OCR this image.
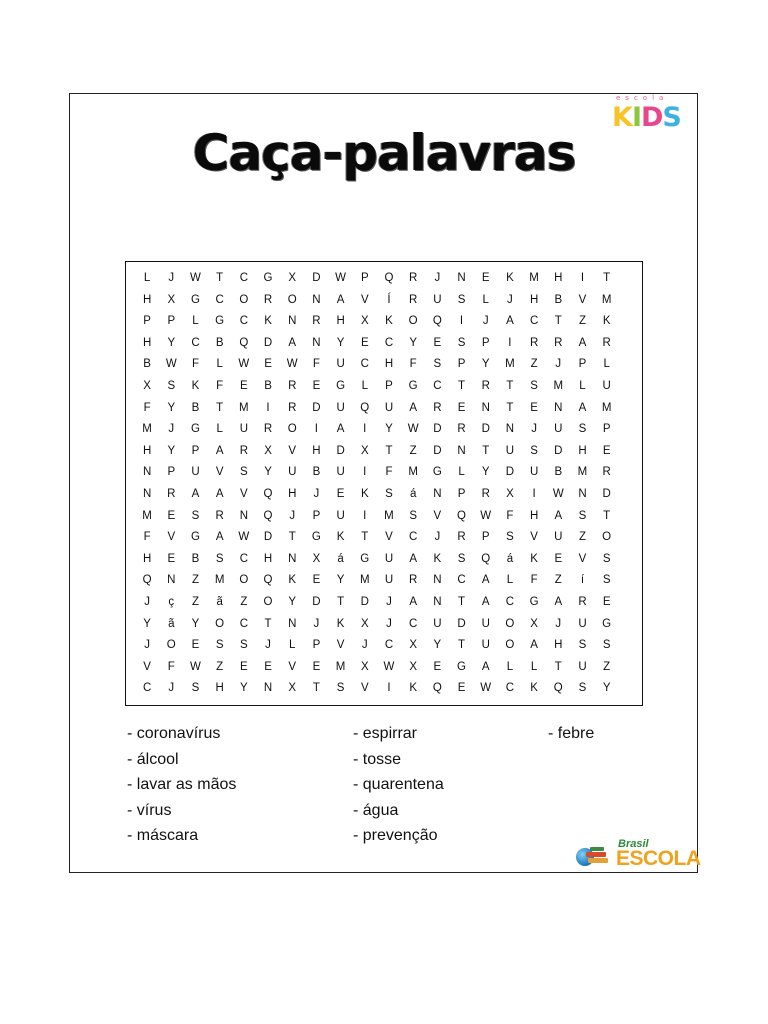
Caça-palavras
escola
KIDS
L	J	W	T	C	G	X	D	W	P	Q	R	J	N	E	K	M	H	I	T
H	X	G	C	O	R	O	N	A	V	Í	R	U	S	L	J	H	B	V	M
P	P	L	G	C	K	N	R	H	X	K	O	Q	I	J	A	C	T	Z	K
H	Y	C	B	Q	D	A	N	Y	E	C	Y	E	S	P	I	R	R	A	R
B	W	F	L	W	E	W	F	U	C	H	F	S	P	Y	M	Z	J	P	L
X	S	K	F	E	B	R	E	G	L	P	G	C	T	R	T	S	M	L	U
F	Y	B	T	M	I	R	D	U	Q	U	A	R	E	N	T	E	N	A	M
M	J	G	L	U	R	O	I	A	I	Y	W	D	R	D	N	J	U	S	P
H	Y	P	A	R	X	V	H	D	X	T	Z	D	N	T	U	S	D	H	E
N	P	U	V	S	Y	U	B	U	I	F	M	G	L	Y	D	U	B	M	R
N	R	A	A	V	Q	H	J	E	K	S	á	N	P	R	X	I	W	N	D
M	E	S	R	N	Q	J	P	U	I	M	S	V	Q	W	F	H	A	S	T
F	V	G	A	W	D	T	G	K	T	V	C	J	R	P	S	V	U	Z	O
H	E	B	S	C	H	N	X	á	G	U	A	K	S	Q	á	K	E	V	S
Q	N	Z	M	O	Q	K	E	Y	M	U	R	N	C	A	L	F	Z	í	S
J	ç	Z	ã	Z	O	Y	D	T	D	J	A	N	T	A	C	G	A	R	E
Y	ã	Y	O	C	T	N	J	K	X	J	C	U	D	U	O	X	J	U	G
J	O	E	S	S	J	L	P	V	J	C	X	Y	T	U	O	A	H	S	S
V	F	W	Z	E	E	V	E	M	X	W	X	E	G	A	L	L	T	U	Z
C	J	S	H	Y	N	X	T	S	V	I	K	Q	E	W	C	K	Q	S	Y
- coronavírus
- álcool
- lavar as mãos
- vírus
- máscara
- espirrar
- tosse
- quarentena
- água
- prevenção
- febre
Brasil
ESCOLA
